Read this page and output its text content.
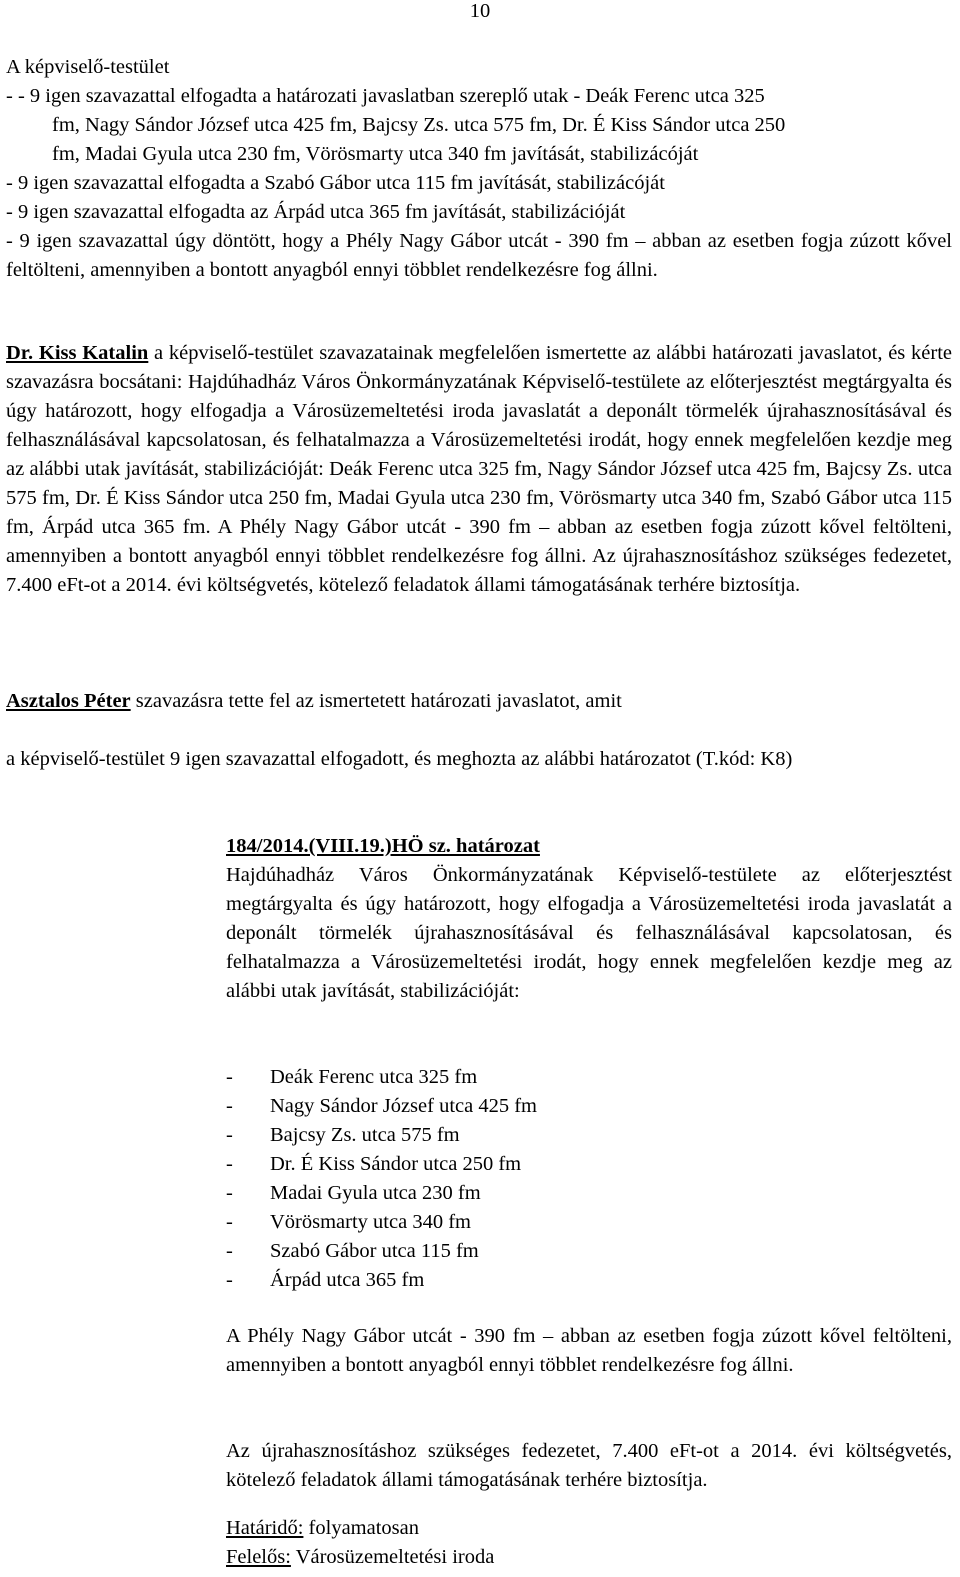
10
A képviselő-testület
- - 9 igen szavazattal elfogadta a határozati javaslatban szereplő utak - Deák Ferenc utca 325
fm, Nagy Sándor József utca 425 fm, Bajcsy Zs. utca 575 fm, Dr. É Kiss Sándor utca 250
fm, Madai Gyula utca 230 fm, Vörösmarty utca 340 fm javítását, stabilizácóját
- 9 igen szavazattal elfogadta a Szabó Gábor utca 115 fm javítását, stabilizácóját
- 9 igen szavazattal elfogadta az Árpád utca 365 fm javítását, stabilizációját

- 9 igen szavazattal úgy döntött, hogy a Phély Nagy Gábor utcát - 390 fm – abban az esetben fogja zúzott kővel feltölteni, amennyiben a bontott anyagból ennyi többlet rendelkezésre fog állni.

Dr. Kiss Katalin a képviselő-testület szavazatainak megfelelően ismertette az alábbi határozati javaslatot, és kérte szavazásra bocsátani: Hajdúhadház Város Önkormányzatának Képviselő-testülete az előterjesztést megtárgyalta és úgy határozott, hogy elfogadja a Városüzemeltetési iroda javaslatát a deponált törmelék újrahasznosításával és felhasználásával kapcsolatosan, és felhatalmazza a Városüzemeltetési irodát, hogy ennek megfelelően kezdje meg az alábbi utak javítását, stabilizációját: Deák Ferenc utca 325 fm, Nagy Sándor József utca 425 fm, Bajcsy Zs. utca 575 fm, Dr. É Kiss Sándor utca 250 fm, Madai Gyula utca 230 fm, Vörösmarty utca 340 fm, Szabó Gábor utca 115 fm, Árpád utca 365 fm. A Phély Nagy Gábor utcát - 390 fm – abban az esetben fogja zúzott kővel feltölteni, amennyiben a bontott anyagból ennyi többlet rendelkezésre fog állni. Az újrahasznosításhoz szükséges fedezetet, 7.400 eFt-ot a 2014. évi költségvetés, kötelező feladatok állami támogatásának terhére biztosítja.
Asztalos Péter szavazásra tette fel az ismertetett határozati javaslatot, amit
a képviselő-testület 9 igen szavazattal elfogadott, és meghozta az alábbi határozatot (T.kód: K8)
184/2014.(VIII.19.)HÖ sz. határozat
Hajdúhadház Város Önkormányzatának Képviselő-testülete az előterjesztést megtárgyalta és úgy határozott, hogy elfogadja a Városüzemeltetési iroda javaslatát a deponált törmelék újrahasznosításával és felhasználásával kapcsolatosan, és felhatalmazza a Városüzemeltetési irodát, hogy ennek megfelelően kezdje meg az alábbi utak javítását, stabilizációját:
- Deák Ferenc utca 325 fm
- Nagy Sándor József utca 425 fm
- Bajcsy Zs. utca 575 fm
- Dr. É Kiss Sándor utca 250 fm
- Madai Gyula utca 230 fm
- Vörösmarty utca 340 fm
- Szabó Gábor utca 115 fm
- Árpád utca 365 fm
A Phély Nagy Gábor utcát - 390 fm – abban az esetben fogja zúzott kővel feltölteni, amennyiben a bontott anyagból ennyi többlet rendelkezésre fog állni.
Az újrahasznosításhoz szükséges fedezetet, 7.400 eFt-ot a 2014. évi költségvetés, kötelező feladatok állami támogatásának terhére biztosítja.
Határidő: folyamatosan
Felelős: Városüzemeltetési iroda
